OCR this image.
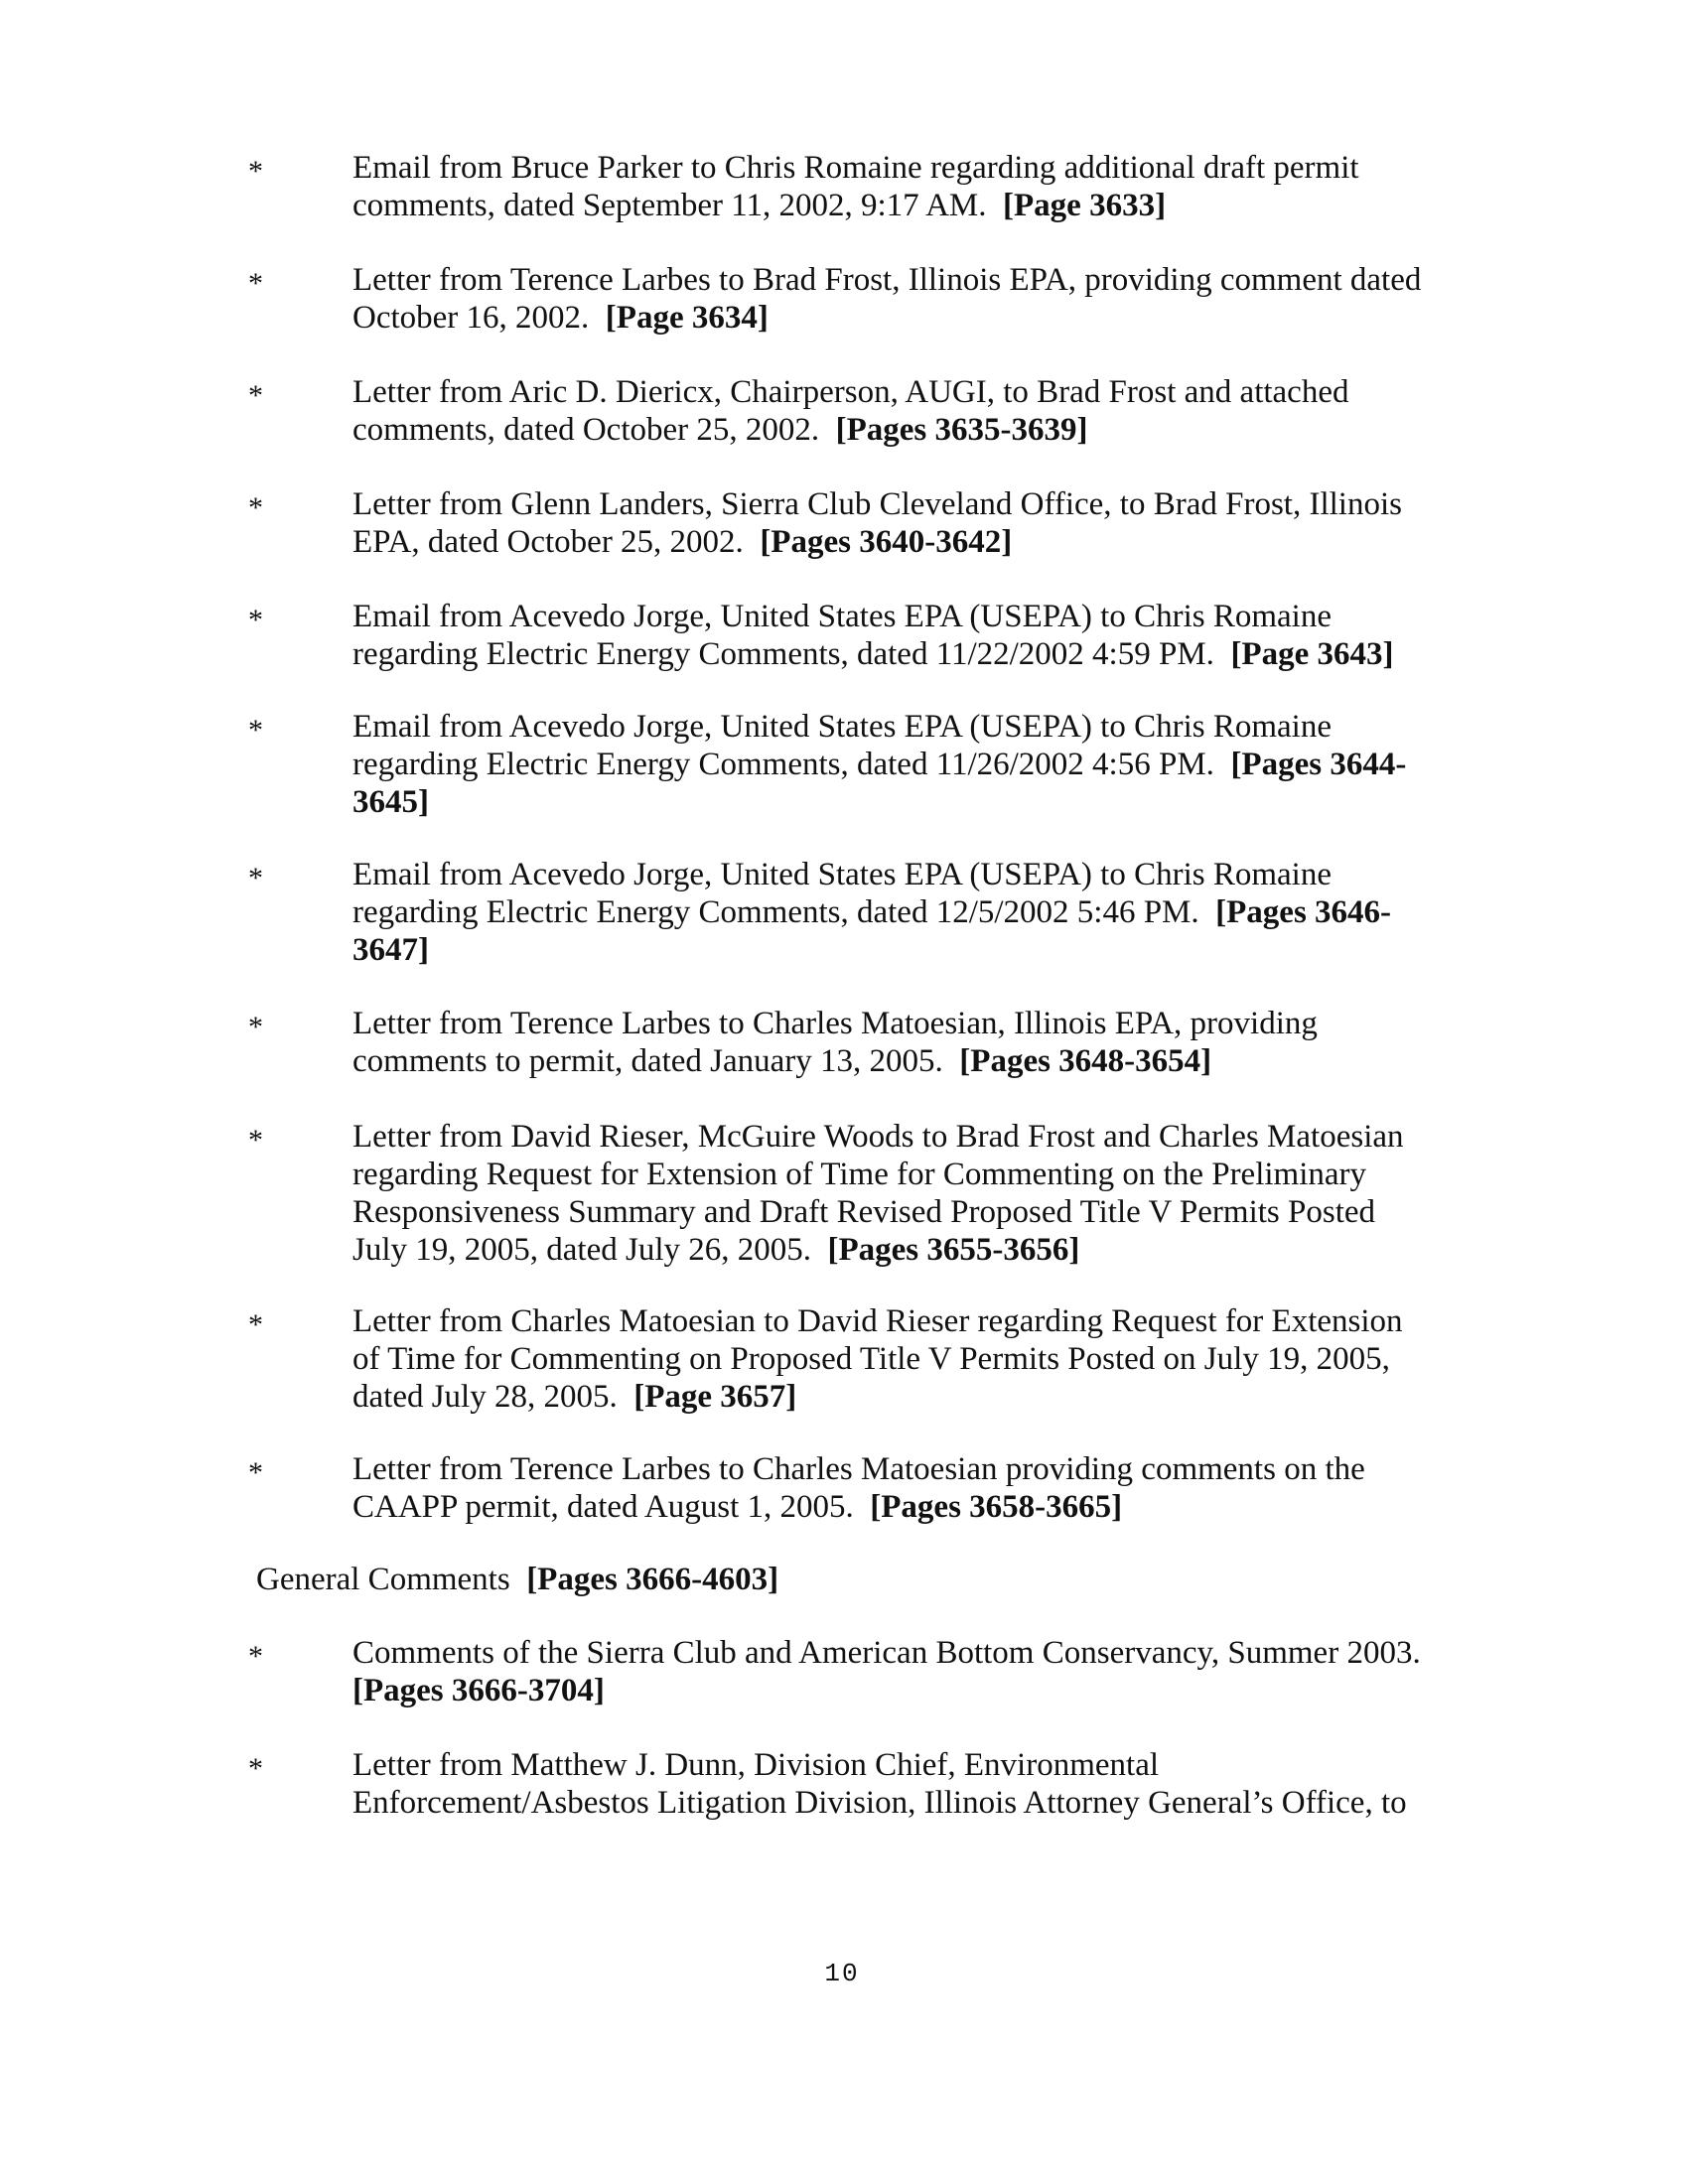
*	Email from Bruce Parker to Chris Romaine regarding additional draft permit comments, dated September 11, 2002, 9:17 AM. [Page 3633]
*	Letter from Terence Larbes to Brad Frost, Illinois EPA, providing comment dated October 16, 2002. [Page 3634]
*	Letter from Aric D. Diericx, Chairperson, AUGI, to Brad Frost and attached comments, dated October 25, 2002. [Pages 3635-3639]
*	Letter from Glenn Landers, Sierra Club Cleveland Office, to Brad Frost, Illinois EPA, dated October 25, 2002. [Pages 3640-3642]
*	Email from Acevedo Jorge, United States EPA (USEPA) to Chris Romaine regarding Electric Energy Comments, dated 11/22/2002 4:59 PM. [Page 3643]
*	Email from Acevedo Jorge, United States EPA (USEPA) to Chris Romaine regarding Electric Energy Comments, dated 11/26/2002 4:56 PM. [Pages 3644-3645]
*	Email from Acevedo Jorge, United States EPA (USEPA) to Chris Romaine regarding Electric Energy Comments, dated 12/5/2002 5:46 PM. [Pages 3646-3647]
*	Letter from Terence Larbes to Charles Matoesian, Illinois EPA, providing comments to permit, dated January 13, 2005. [Pages 3648-3654]
*	Letter from David Rieser, McGuire Woods to Brad Frost and Charles Matoesian regarding Request for Extension of Time for Commenting on the Preliminary Responsiveness Summary and Draft Revised Proposed Title V Permits Posted July 19, 2005, dated July 26, 2005. [Pages 3655-3656]
*	Letter from Charles Matoesian to David Rieser regarding Request for Extension of Time for Commenting on Proposed Title V Permits Posted on July 19, 2005, dated July 28, 2005. [Page 3657]
*	Letter from Terence Larbes to Charles Matoesian providing comments on the CAAPP permit, dated August 1, 2005. [Pages 3658-3665]
General Comments [Pages 3666-4603]
*	Comments of the Sierra Club and American Bottom Conservancy, Summer 2003. [Pages 3666-3704]
*	Letter from Matthew J. Dunn, Division Chief, Environmental Enforcement/Asbestos Litigation Division, Illinois Attorney General’s Office, to
10
